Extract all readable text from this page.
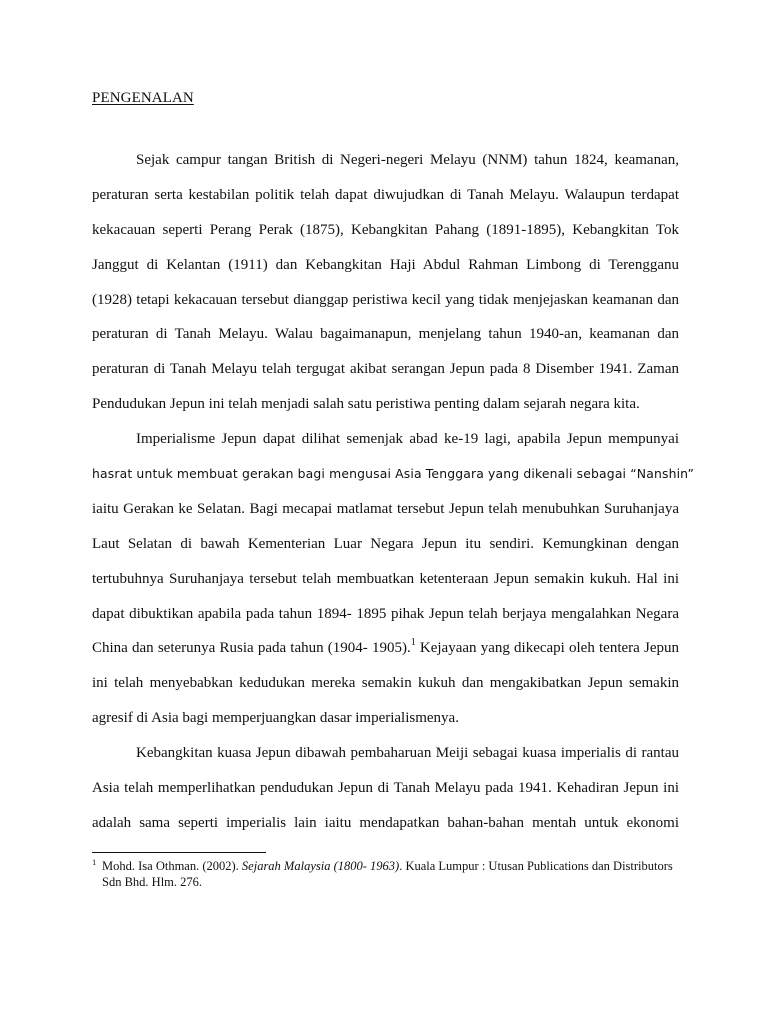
PENGENALAN
Sejak campur tangan British di Negeri-negeri Melayu (NNM) tahun 1824, keamanan,
peraturan serta kestabilan politik telah dapat diwujudkan di Tanah Melayu. Walaupun terdapat
kekacauan seperti Perang Perak (1875), Kebangkitan Pahang (1891-1895), Kebangkitan Tok
Janggut di Kelantan (1911) dan Kebangkitan Haji Abdul Rahman Limbong di Terengganu
(1928) tetapi kekacauan tersebut dianggap peristiwa kecil yang tidak menjejaskan keamanan dan
peraturan di Tanah Melayu. Walau bagaimanapun, menjelang tahun 1940-an, keamanan dan
peraturan di Tanah Melayu telah tergugat akibat serangan Jepun pada 8 Disember 1941. Zaman
Pendudukan Jepun ini telah menjadi salah satu peristiwa penting dalam sejarah negara kita.
Imperialisme Jepun dapat dilihat semenjak abad ke-19 lagi, apabila Jepun mempunyai
hasrat untuk membuat gerakan bagi mengusai Asia Tenggara yang dikenali sebagai “Nanshin”
iaitu Gerakan ke Selatan. Bagi mecapai matlamat tersebut Jepun telah menubuhkan Suruhanjaya
Laut Selatan di bawah Kementerian Luar Negara Jepun itu sendiri. Kemungkinan dengan
tertubuhnya Suruhanjaya tersebut telah membuatkan ketenteraan Jepun semakin kukuh. Hal ini
dapat dibuktikan apabila pada tahun 1894- 1895 pihak Jepun telah berjaya mengalahkan Negara
China dan seterunya Rusia pada tahun (1904- 1905).$^1$ Kejayaan yang dikecapi oleh tentera Jepun
ini telah menyebabkan kedudukan mereka semakin kukuh dan mengakibatkan Jepun semakin
agresif di Asia bagi memperjuangkan dasar imperialismenya.
Kebangkitan kuasa Jepun dibawah pembaharuan Meiji sebagai kuasa imperialis di rantau
Asia telah memperlihatkan pendudukan Jepun di Tanah Melayu pada 1941. Kehadiran Jepun ini
adalah sama seperti imperialis lain iaitu mendapatkan bahan-bahan mentah untuk ekonomi
1 Mohd. Isa Othman. (2002). Sejarah Malaysia (1800- 1963). Kuala Lumpur : Utusan Publications dan Distributors
Sdn Bhd. Hlm. 276.
